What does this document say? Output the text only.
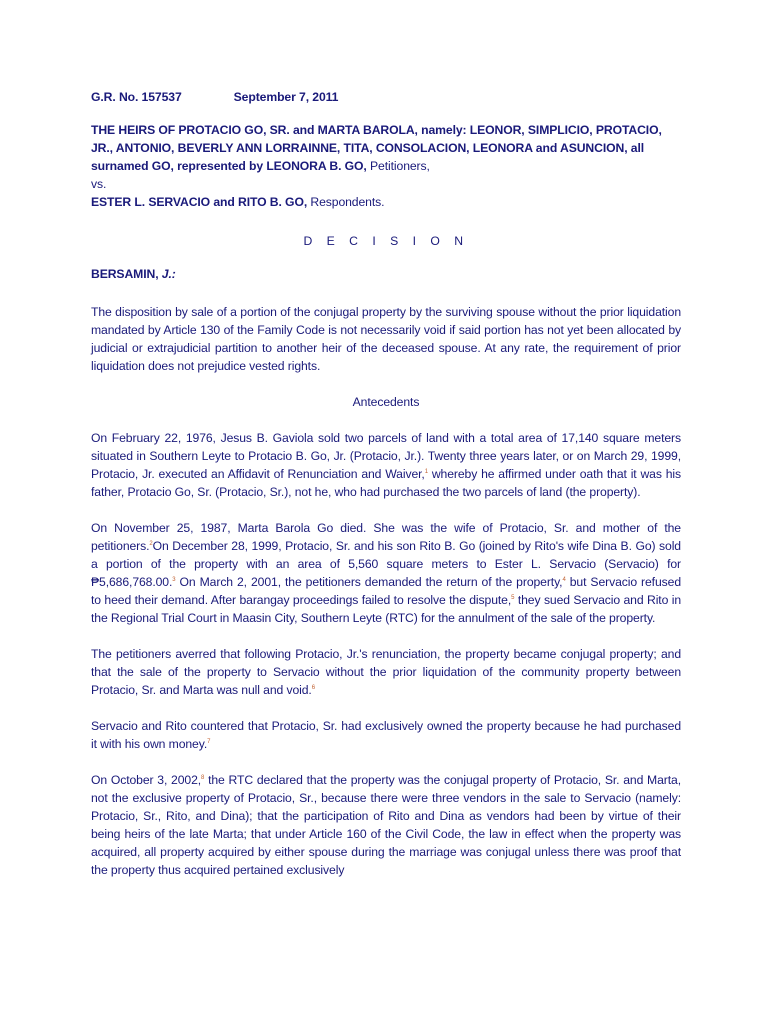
G.R. No. 157537	September 7, 2011

THE HEIRS OF PROTACIO GO, SR. and MARTA BAROLA, namely: LEONOR, SIMPLICIO, PROTACIO, JR., ANTONIO, BEVERLY ANN LORRAINNE, TITA, CONSOLACION, LEONORA and ASUNCION, all surnamed GO, represented by LEONORA B. GO, Petitioners,

vs.

ESTER L. SERVACIO and RITO B. GO, Respondents.

D E C I S I O N

BERSAMIN, J.:

The disposition by sale of a portion of the conjugal property by the surviving spouse without the prior liquidation mandated by Article 130 of the Family Code is not necessarily void if said portion has not yet been allocated by judicial or extrajudicial partition to another heir of the deceased spouse. At any rate, the requirement of prior liquidation does not prejudice vested rights.

Antecedents

On February 22, 1976, Jesus B. Gaviola sold two parcels of land with a total area of 17,140 square meters situated in Southern Leyte to Protacio B. Go, Jr. (Protacio, Jr.). Twenty three years later, or on March 29, 1999, Protacio, Jr. executed an Affidavit of Renunciation and Waiver,$^1$ whereby he affirmed under oath that it was his father, Protacio Go, Sr. (Protacio, Sr.), not he, who had purchased the two parcels of land (the property).

On November 25, 1987, Marta Barola Go died. She was the wife of Protacio, Sr. and mother of the petitioners.$^2$On December 28, 1999, Protacio, Sr. and his son Rito B. Go (joined by Rito's wife Dina B. Go) sold a portion of the property with an area of 5,560 square meters to Ester L. Servacio (Servacio) for ₱5,686,768.00.$^3$ On March 2, 2001, the petitioners demanded the return of the property,$^4$ but Servacio refused to heed their demand. After barangay proceedings failed to resolve the dispute,$^5$ they sued Servacio and Rito in the Regional Trial Court in Maasin City, Southern Leyte (RTC) for the annulment of the sale of the property.

The petitioners averred that following Protacio, Jr.'s renunciation, the property became conjugal property; and that the sale of the property to Servacio without the prior liquidation of the community property between Protacio, Sr. and Marta was null and void.$^6$

Servacio and Rito countered that Protacio, Sr. had exclusively owned the property because he had purchased it with his own money.$^7$

On October 3, 2002,$^8$ the RTC declared that the property was the conjugal property of Protacio, Sr. and Marta, not the exclusive property of Protacio, Sr., because there were three vendors in the sale to Servacio (namely: Protacio, Sr., Rito, and Dina); that the participation of Rito and Dina as vendors had been by virtue of their being heirs of the late Marta; that under Article 160 of the Civil Code, the law in effect when the property was acquired, all property acquired by either spouse during the marriage was conjugal unless there was proof that the property thus acquired pertained exclusively
